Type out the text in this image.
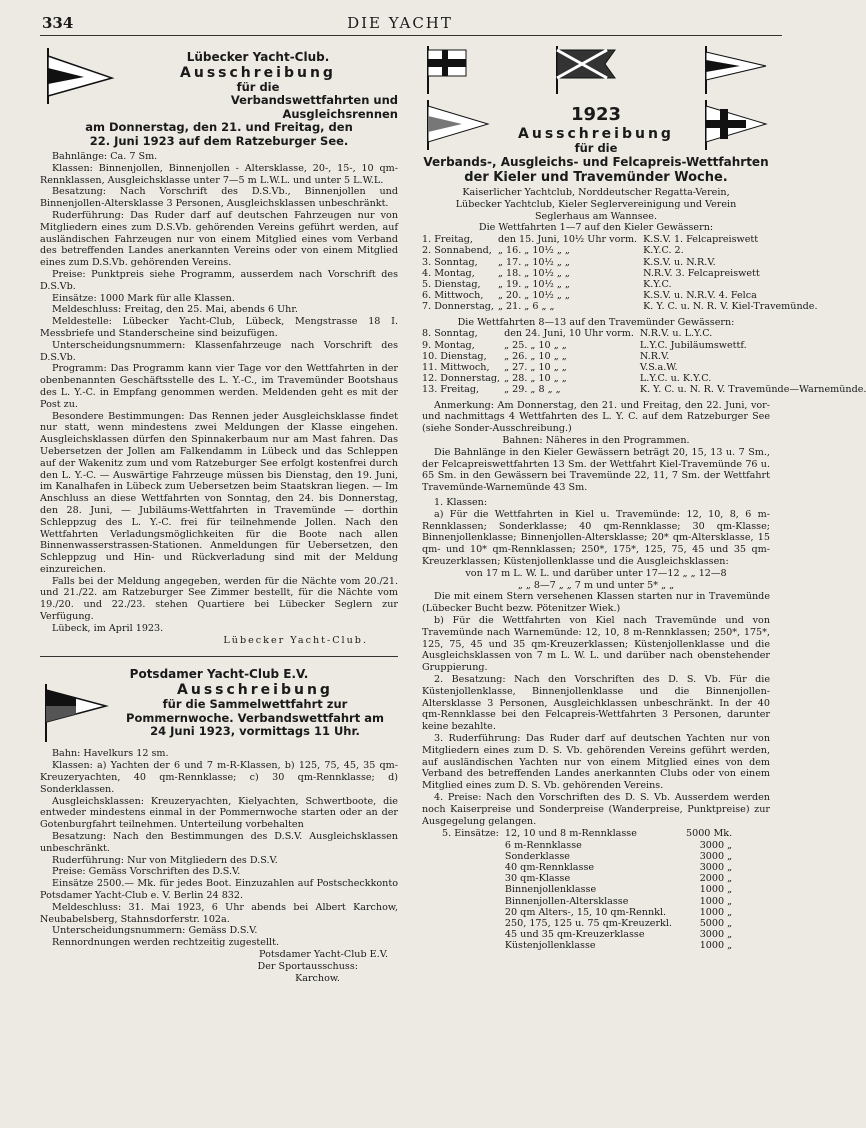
334	DIE YACHT
Lübecker Yacht-Club.
Ausschreibung
für die
Verbandswettfahrten und Ausgleichsrennen
am Donnerstag, den 21. und Freitag, den
22. Juni 1923 auf dem Ratzeburger See.

Bahnlänge: Ca. 7 Sm.

Klassen: Binnenjollen, Binnenjollen - Altersklasse, 20-, 15-, 10 qm-Rennklassen, Ausgleichsklasse unter 7—5 m L.W.L. und unter 5 L.W.L.

Besatzung: Nach Vorschrift des D.S.Vb., Binnenjollen und Binnenjollen-Altersklasse 3 Personen, Ausgleichsklassen unbeschränkt.

Ruderführung: Das Ruder darf auf deutschen Fahrzeugen nur von Mitgliedern eines zum D.S.Vb. gehörenden Vereins geführt werden, auf ausländischen Fahrzeugen nur von einem Mitglied eines vom Verband des betreffenden Landes anerkannten Vereins oder von einem Mitglied eines zum D.S.Vb. gehörenden Vereins.

Preise: Punktpreis siehe Programm, ausserdem nach Vorschrift des D.S.Vb.

Einsätze: 1000 Mark für alle Klassen.

Meldeschluss: Freitag, den 25. Mai, abends 6 Uhr.

Meldestelle: Lübecker Yacht-Club, Lübeck, Mengstrasse 18 I. Messbriefe und Standerscheine sind beizufügen.

Unterscheidungsnummern: Klassenfahrzeuge nach Vorschrift des D.S.Vb.

Programm: Das Programm kann vier Tage vor den Wettfahrten in der obenbenannten Geschäftsstelle des L. Y.-C., im Travemünder Bootshaus des L. Y.-C. in Empfang genommen werden. Meldenden geht es mit der Post zu.

Besondere Bestimmungen: Das Rennen jeder Ausgleichsklasse findet nur statt, wenn mindestens zwei Meldungen der Klasse eingehen. Ausgleichsklassen dürfen den Spinnakerbaum nur am Mast fahren. Das Uebersetzen der Jollen am Falkendamm in Lübeck und das Schleppen auf der Wakenitz zum und vom Ratzeburger See erfolgt kostenfrei durch den L. Y.-C. — Auswärtige Fahrzeuge müssen bis Dienstag, den 19. Juni, im Kanalhafen in Lübeck zum Uebersetzen beim Staatskran liegen. — Im Anschluss an diese Wettfahrten von Sonntag, den 24. bis Donnerstag, den 28. Juni, — Jubiläums-Wettfahrten in Travemünde — dorthin Schleppzug des L. Y.-C. frei für teilnehmende Jollen. Nach den Wettfahrten Verladungsmöglichkeiten für die Boote nach allen Binnenwasserstrassen-Stationen. Anmeldungen für Uebersetzen, den Schleppzug und Hin- und Rückverladung sind mit der Meldung einzureichen.

Falls bei der Meldung angegeben, werden für die Nächte vom 20./21. und 21./22. am Ratzeburger See Zimmer bestellt, für die Nächte vom 19./20. und 22./23. stehen Quartiere bei Lübecker Seglern zur Verfügung.

Lübeck, im April 1923.

Lübecker Yacht-Club.

Potsdamer Yacht-Club E.V.
Ausschreibung
für die Sammelwettfahrt zur
Pommernwoche. Verbandswettfahrt am
24 Juni 1923, vormittags 11 Uhr.

Bahn: Havelkurs 12 sm.

Klassen: a) Yachten der 6 und 7 m-R-Klassen, b) 125, 75, 45, 35 qm-Kreuzeryachten, 40 qm-Rennklasse; c) 30 qm-Rennklasse; d) Sonderklassen.

Ausgleichsklassen: Kreuzeryachten, Kielyachten, Schwertboote, die entweder mindestens einmal in der Pommernwoche starten oder an der Gotenburgfahrt teilnehmen. Unterteilung vorbehalten

Besatzung: Nach den Bestimmungen des D.S.V. Ausgleichsklassen unbeschränkt.

Ruderführung: Nur von Mitgliedern des D.S.V.

Preise: Gemäss Vorschriften des D.S.V.

Einsätze 2500.— Mk. für jedes Boot. Einzuzahlen auf Postscheckkonto Potsdamer Yacht-Club e. V. Berlin 24 832.

Meldeschluss: 31. Mai 1923, 6 Uhr abends bei Albert Karchow, Neubabelsberg, Stahnsdorferstr. 102a.

Unterscheidungsnummern: Gemäss D.S.V.

Rennordnungen werden rechtzeitig zugestellt.

Potsdamer Yacht-Club E.V.

Der Sportausschuss:

Karchow.

1923
Ausschreibung
für die
Verbands-, Ausgleichs- und Felcapreis-Wettfahrten
der Kieler und Travemünder Woche.

Kaiserlicher Yachtclub, Norddeutscher Regatta-Verein, Lübecker Yachtclub, Kieler Seglervereinigung und Verein Seglerhaus am Wannsee.

Die Wettfahrten 1—7 auf den Kieler Gewässern:

1. Freitag,	den 15. Juni, 10½ Uhr vorm.	K.S.V. 1. Felcapreiswett
2. Sonnabend,	„ 16. „ 10½ „ „	K.Y.C. 2.
3. Sonntag,	„ 17. „ 10½ „ „	K.S.V. u. N.R.V.
4. Montag,	„ 18. „ 10½ „ „	N.R.V. 3. Felcapreiswett
5. Dienstag,	„ 19. „ 10½ „ „	K.Y.C.
6. Mittwoch,	„ 20. „ 10½ „ „	K.S.V. u. N.R.V. 4. Felca
7. Donnerstag,	„ 21. „ 6 „ „	K. Y. C. u. N. R. V. Kiel-Travemünde.

Die Wettfahrten 8—13 auf den Travemünder Gewässern:

8. Sonntag,	den 24. Juni, 10 Uhr vorm.	N.R.V. u. L.Y.C.
9. Montag,	„ 25. „ 10 „ „	L.Y.C. Jubiläumswettf.
10. Dienstag,	„ 26. „ 10 „ „	N.R.V.
11. Mittwoch,	„ 27. „ 10 „ „	V.S.a.W.
12. Donnerstag,	„ 28. „ 10 „ „	L.Y.C. u. K.Y.C.
13. Freitag,	„ 29. „ 8 „ „	K. Y. C. u. N. R. V. Travemünde—Warnemünde.

Anmerkung: Am Donnerstag, den 21. und Freitag, den 22. Juni, vor- und nachmittags 4 Wettfahrten des L. Y. C. auf dem Ratzeburger See (siehe Sonder-Ausschreibung.)

Bahnen: Näheres in den Programmen.

Die Bahnlänge in den Kieler Gewässern beträgt 20, 15, 13 u. 7 Sm., der Felcapreiswettfahrten 13 Sm. der Wettfahrt Kiel-Travemünde 76 u. 65 Sm. in den Gewässern bei Travemünde 22, 11, 7 Sm. der Wettfahrt Travemünde-Warnemünde 43 Sm.

1. Klassen:

a) Für die Wettfahrten in Kiel u. Travemünde: 12, 10, 8, 6 m-Rennklassen; Sonderklasse; 40 qm-Rennklasse; 30 qm-Klasse; Binnenjollenklasse; Binnenjollen-Altersklasse; 20* qm-Altersklasse, 15 qm- und 10* qm-Rennklassen; 250*, 175*, 125, 75, 45 und 35 qm-Kreuzerklassen; Küstenjollenklasse und die Ausgleichsklassen:

von 17 m L. W. L. und darüber unter 17—12 „ „ 12—8 „ „ 8—7 „ „ 7 m und unter 5* „ „

Die mit einem Stern versehenen Klassen starten nur in Travemünde (Lübecker Bucht bezw. Pötenitzer Wiek.)

b) Für die Wettfahrten von Kiel nach Travemünde und von Travemünde nach Warnemünde: 12, 10, 8 m-Rennklassen; 250*, 175*, 125, 75, 45 und 35 qm-Kreuzerklassen; Küstenjollenklasse und die Ausgleichsklassen von 7 m L. W. L. und darüber nach obenstehender Gruppierung.

2. Besatzung: Nach den Vorschriften des D. S. Vb. Für die Küstenjollenklasse, Binnenjollenklasse und die Binnenjollen-Altersklasse 3 Personen, Ausgleichklassen unbeschränkt. In der 40 qm-Rennklasse bei den Felcapreis-Wettfahrten 3 Personen, darunter keine bezahlte.

3. Ruderführung: Das Ruder darf auf deutschen Yachten nur von Mitgliedern eines zum D. S. Vb. gehörenden Vereins geführt werden, auf ausländischen Yachten nur von einem Mitglied eines von dem Verband des betreffenden Landes anerkannten Clubs oder von einem Mitglied eines zum D. S. Vb. gehörenden Vereins.

4. Preise: Nach den Vorschriften des D. S. Vb. Ausserdem werden noch Kaiserpreise und Sonderpreise (Wanderpreise, Punktpreise) zur Ausgegelung gelangen.

5. Einsätze:	12, 10 und 8 m-Rennklasse	5000 Mk.
	6 m-Rennklasse	3000 „
	Sonderklasse	3000 „
	40 qm-Rennklasse	3000 „
	30 qm-Klasse	2000 „
	Binnenjollenklasse	1000 „
	Binnenjollen-Altersklasse	1000 „
	20 qm Alters-, 15, 10 qm-Rennkl.	1000 „
	250, 175, 125 u. 75 qm-Kreuzerkl.	5000 „
	45 und 35 qm-Kreuzerklasse	3000 „
	Küstenjollenklasse	1000 „
